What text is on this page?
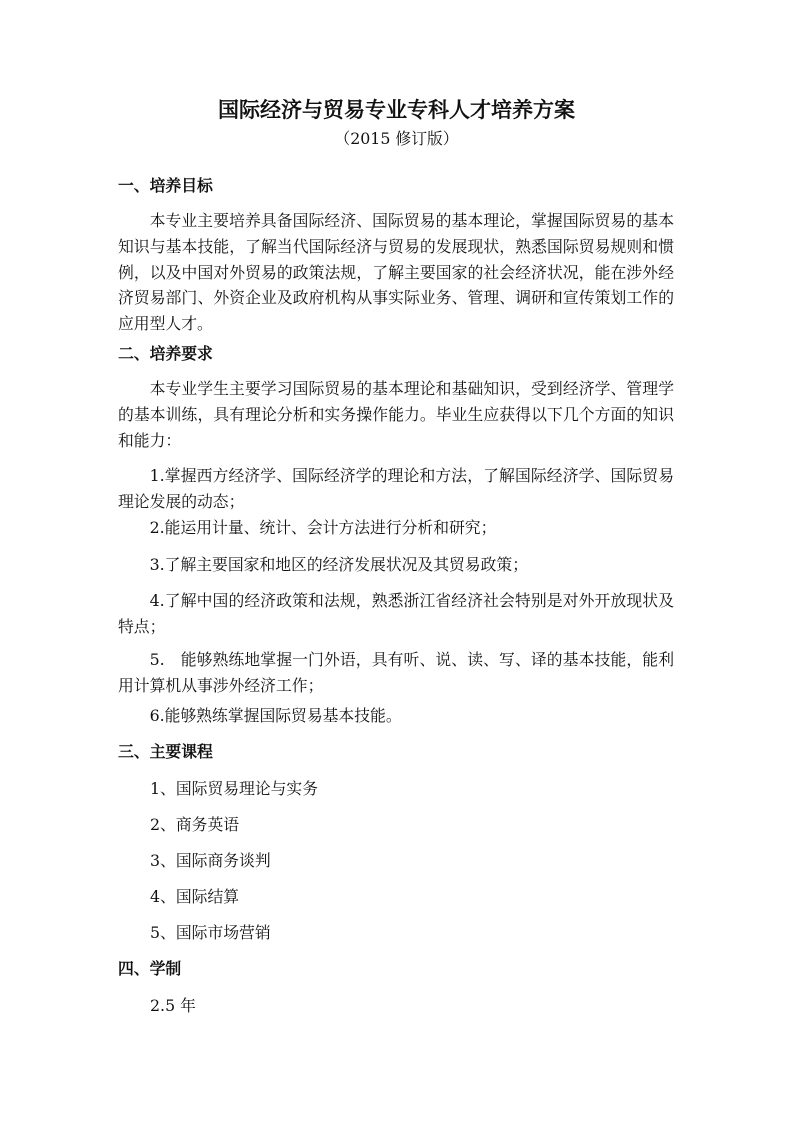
国际经济与贸易专业专科人才培养方案
（2015 修订版）
一、培养目标
本专业主要培养具备国际经济、国际贸易的基本理论，掌握国际贸易的基本知识与基本技能，了解当代国际经济与贸易的发展现状，熟悉国际贸易规则和惯例，以及中国对外贸易的政策法规，了解主要国家的社会经济状况，能在涉外经济贸易部门、外资企业及政府机构从事实际业务、管理、调研和宣传策划工作的应用型人才。
二、培养要求
本专业学生主要学习国际贸易的基本理论和基础知识，受到经济学、管理学的基本训练，具有理论分析和实务操作能力。毕业生应获得以下几个方面的知识和能力：
1.掌握西方经济学、国际经济学的理论和方法，了解国际经济学、国际贸易理论发展的动态；
2.能运用计量、统计、会计方法进行分析和研究；
3.了解主要国家和地区的经济发展状况及其贸易政策；
4.了解中国的经济政策和法规，熟悉浙江省经济社会特别是对外开放现状及特点；
5.　能够熟练地掌握一门外语，具有听、说、读、写、译的基本技能，能利用计算机从事涉外经济工作；
6.能够熟练掌握国际贸易基本技能。
三、主要课程
1、国际贸易理论与实务
2、商务英语
3、国际商务谈判
4、国际结算
5、国际市场营销
四、学制
2.5 年
